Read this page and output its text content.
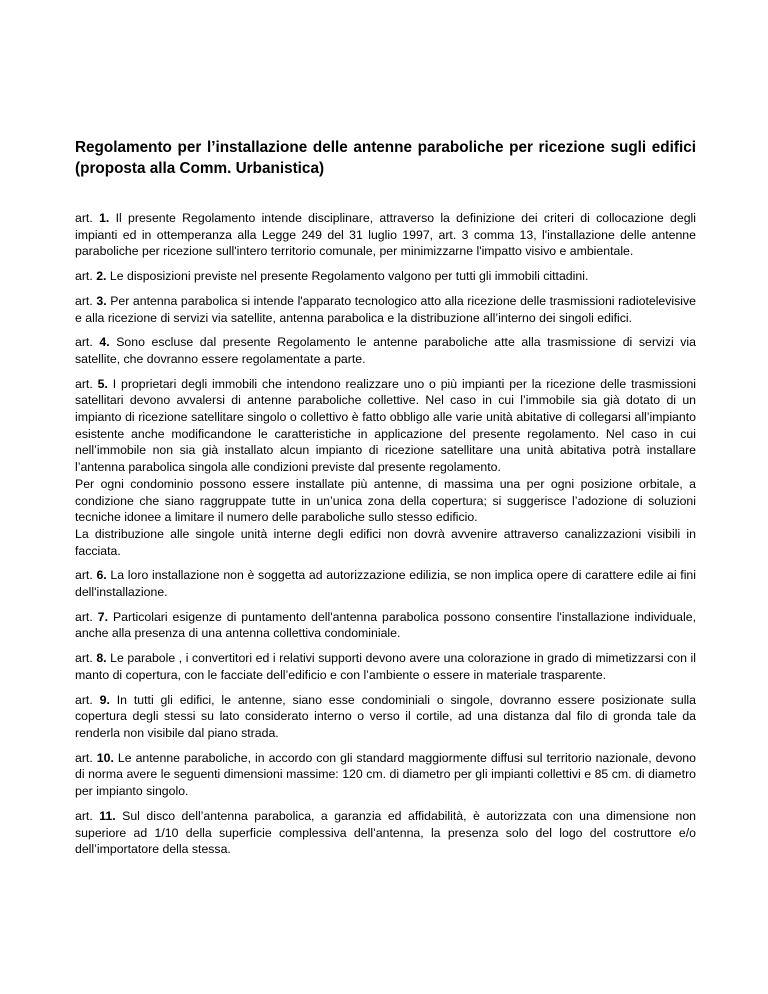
Regolamento per l’installazione delle antenne paraboliche per ricezione sugli edifici (proposta alla Comm. Urbanistica)

art. 1. Il presente Regolamento intende disciplinare, attraverso la definizione dei criteri di collocazione degli impianti ed in ottemperanza alla Legge 249 del 31 luglio 1997, art. 3 comma 13, l'installazione delle antenne paraboliche per ricezione sull'intero territorio comunale, per minimizzarne l'impatto visivo e ambientale.

art. 2. Le disposizioni previste nel presente Regolamento valgono per tutti gli immobili cittadini.

art. 3. Per antenna parabolica si intende l'apparato tecnologico atto alla ricezione delle trasmissioni radiotelevisive e alla ricezione di servizi via satellite, antenna parabolica e la distribuzione all’interno dei singoli edifici.

art. 4. Sono escluse dal presente Regolamento le antenne paraboliche atte alla trasmissione di servizi via satellite, che dovranno essere regolamentate a parte.

art. 5. I proprietari degli immobili che intendono realizzare uno o più impianti per la ricezione delle trasmissioni satellitari devono avvalersi di antenne paraboliche collettive. Nel caso in cui l’immobile sia già dotato di un impianto di ricezione satellitare singolo o collettivo è fatto obbligo alle varie unità abitative di collegarsi all’impianto esistente anche modificandone le caratteristiche in applicazione del presente regolamento. Nel caso in cui nell’immobile non sia già installato alcun impianto di ricezione satellitare una unità abitativa potrà installare l’antenna parabolica singola alle condizioni previste dal presente regolamento.
Per ogni condominio possono essere installate più antenne, di massima una per ogni posizione orbitale, a condizione che siano raggruppate tutte in un’unica zona della copertura; si suggerisce l’adozione di soluzioni tecniche idonee a limitare il numero delle paraboliche sullo stesso edificio.
La distribuzione alle singole unità interne degli edifici non dovrà avvenire attraverso canalizzazioni visibili in facciata.

art. 6. La loro installazione non è soggetta ad autorizzazione edilizia, se non implica opere di carattere edile ai fini dell'installazione.

art. 7. Particolari esigenze di puntamento dell'antenna parabolica possono consentire l'installazione individuale, anche alla presenza di una antenna collettiva condominiale.

art. 8. Le parabole , i convertitori ed i relativi supporti devono avere una colorazione in grado di mimetizzarsi con il manto di copertura, con le facciate dell’edificio e con l’ambiente o essere in materiale trasparente.

art. 9. In tutti gli edifici, le antenne, siano esse condominiali o singole, dovranno essere posizionate sulla copertura degli stessi su lato considerato interno o verso il cortile, ad una distanza dal filo di gronda tale da renderla non visibile dal piano strada.

art. 10. Le antenne paraboliche, in accordo con gli standard maggiormente diffusi sul territorio nazionale, devono di norma avere le seguenti dimensioni massime: 120 cm. di diametro per gli impianti collettivi e 85 cm. di diametro per impianto singolo.

art. 11. Sul disco dell’antenna parabolica, a garanzia ed affidabilità, è autorizzata con una dimensione non superiore ad 1/10 della superficie complessiva dell’antenna, la presenza solo del logo del costruttore e/o dell’importatore della stessa.
